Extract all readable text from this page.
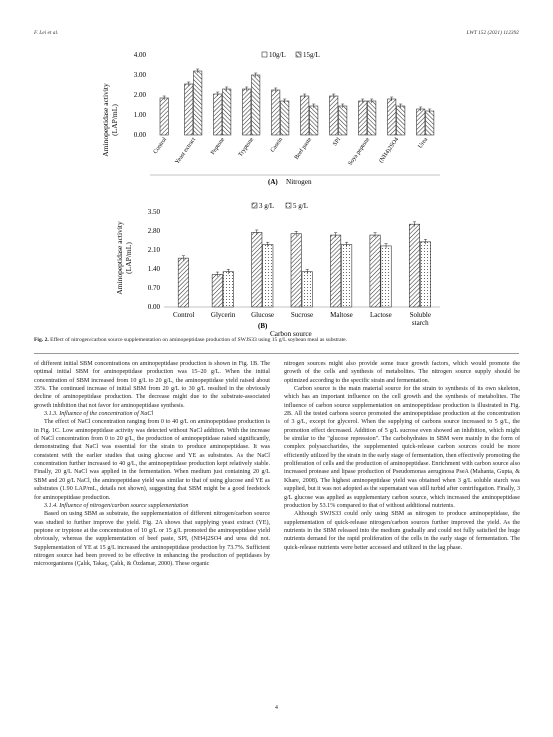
F. Lei et al.	LWT 152 (2021) 112392
Aminopeptidase activity (LAP/mL) 0.00
1.00
2.00
3.00
4.00
Control Yeast extract Peptone Tryptone Casein Beef paste	SPI Soya peptone (NH4)2SO4	Urea
10g/L 15g/L
(A) Nitrogen
Aminopeptidase activity (LAP/mL)
0.00
0.70
1.40
2.10
2.80
3.50
Control Glycerin Glucose Sucrose Maltose Lactose	Soluble
starch
3 g/L	5 g/L
(B)
Carbon source
Fig. 2. Effect of nitrogen/carbon source supplementation on aminopeptidase production of SWJS33 using 15 g/L soybean meal as substrate.

of different initial SBM concentrations on aminopeptidase production is shown in Fig. 1B. The optimal initial SBM for aminopeptidase production was 15–20 g/L. When the initial concentration of SBM increased from 10 g/L to 20 g/L, the aminopeptidase yield raised about 35%. The continued increase of initial SBM from 20 g/L to 30 g/L resulted in the obviously decline of aminopeptidase production. The decrease might due to the substrate-associated growth inhibition that not favor for aminopeptidase synthesis.

3.1.3. Influence of the concentration of NaCl

The effect of NaCl concentration ranging from 0 to 40 g/L on aminopeptidase production is in Fig. 1C. Low aminopeptidase activity was detected without NaCl addition. With the increase of NaCl concentration from 0 to 20 g/L, the production of aminopeptidase raised significantly, demonstrating that NaCl was essential for the strain to produce aminopeptidase. It was consistent with the earlier studies that using glucose and YE as substrates. As the NaCl concentration further increased to 40 g/L, the aminopeptidase production kept relatively stable. Finally, 20 g/L NaCl was applied in the fermentation. When medium just containing 20 g/L SBM and 20 g/L NaCl, the aminopeptidase yield was similar to that of using glucose and YE as substrates (1.90 LAP/mL, details not shown), suggesting that SBM might be a good feedstock for aminopeptidase production.

3.1.4. Influence of nitrogen/carbon source supplementation

Based on using SBM as substrate, the supplementation of different nitrogen/carbon source was studied to further improve the yield. Fig. 2A shows that supplying yeast extract (YE), peptone or tryptone at the concentration of 10 g/L or 15 g/L promoted the aminopeptidase yield obviously, whereas the supplementation of beef paste, SPI, (NH4)2SO4 and urea did not. Supplementation of YE at 15 g/L increased the aminopeptidase production by 73.7%. Sufficient nitrogen source had been proved to be effective in enhancing the production of peptidases by microorganisms (Çalık, Takaç, Çalık, & Özdamar, 2000). These organic

nitrogen sources might also provide some trace growth factors, which would promote the growth of the cells and synthesis of metabolites. The nitrogen source supply should be optimized according to the specific strain and fermentation.

Carbon source is the main material source for the strain to synthesis of its own skeleton, which has an important influence on the cell growth and the synthesis of metabolites. The influence of carbon source supplementation on aminopeptidase production is illustrated in Fig. 2B. All the tested carbons source promoted the aminopeptidase production at the concentration of 3 g/L, except for glycerol. When the supplying of carbons source increased to 5 g/L, the promotion effect decreased. Addition of 5 g/L sucrose even showed an inhibition, which might be similar to the "glucose repression". The carbohydrates in SBM were mainly in the form of complex polysaccharides, the supplemented quick-release carbon sources could be more efficiently utilized by the strain in the early stage of fermentation, then effectively promoting the proliferation of cells and the production of aminopeptidase. Enrichment with carbon source also increased protease and lipase production of Pseudomonas aeruginosa PseA (Mahanta, Gupta, & Khare, 2008). The highest aminopeptidase yield was obtained when 3 g/L soluble starch was supplied, but it was not adopted as the supernatant was still turbid after centrifugation. Finally, 3 g/L glucose was applied as supplementary carbon source, which increased the aminopeptidase production by 53.1% compared to that of without additional nutrients.

Although SWJS33 could only using SBM as nitrogen to produce aminopeptidase, the supplementation of quick-release nitrogen/carbon sources further improved the yield. As the nutrients in the SBM released into the medium gradually and could not fully satisfied the huge nutrients demand for the rapid proliferation of the cells in the early stage of fermentation. The quick-release nutrients were better accessed and utilized in the lag phase.

4
